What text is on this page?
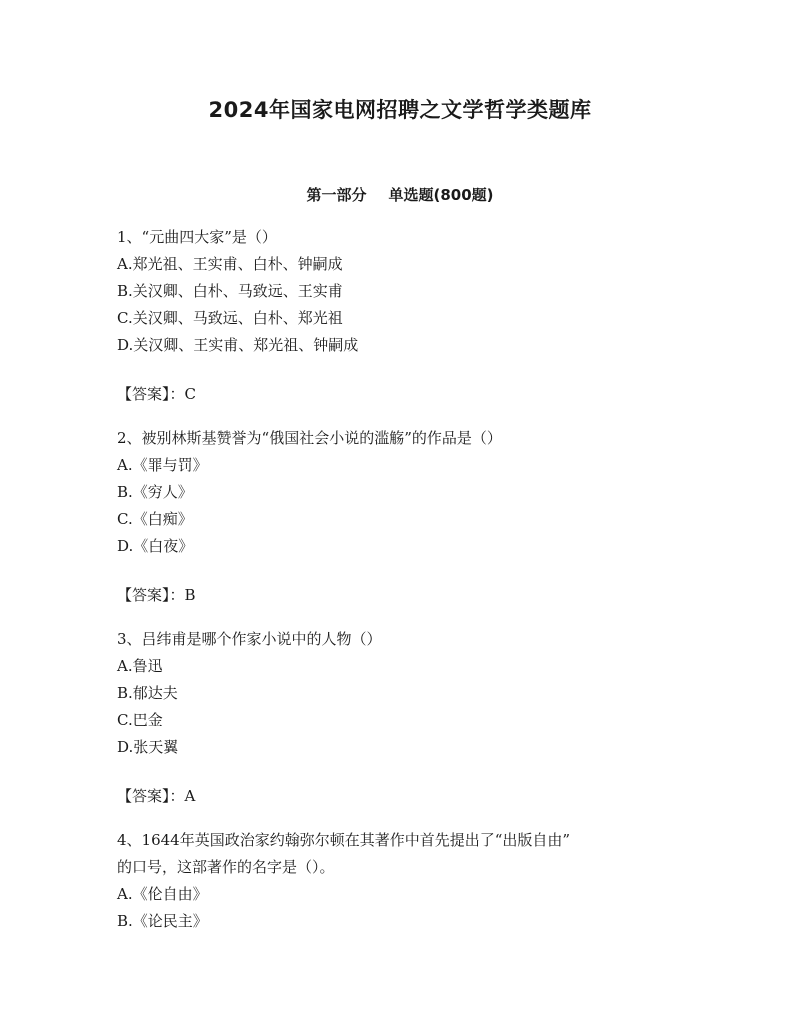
2024年国家电网招聘之文学哲学类题库
第一部分 单选题(800题)
1、“元曲四大家”是（）
A.郑光祖、王实甫、白朴、钟嗣成
B.关汉卿、白朴、马致远、王实甫
C.关汉卿、马致远、白朴、郑光祖
D.关汉卿、王实甫、郑光祖、钟嗣成
【答案】：C
2、被别林斯基赞誉为“俄国社会小说的滥觞”的作品是（）
A.《罪与罚》
B.《穷人》
C.《白痴》
D.《白夜》
【答案】：B
3、吕纬甫是哪个作家小说中的人物（）
A.鲁迅
B.郁达夫
C.巴金
D.张天翼
【答案】：A
4、1644年英国政治家约翰弥尔顿在其著作中首先提出了“出版自由”
的口号，这部著作的名字是（）。
A.《伦自由》
B.《论民主》
